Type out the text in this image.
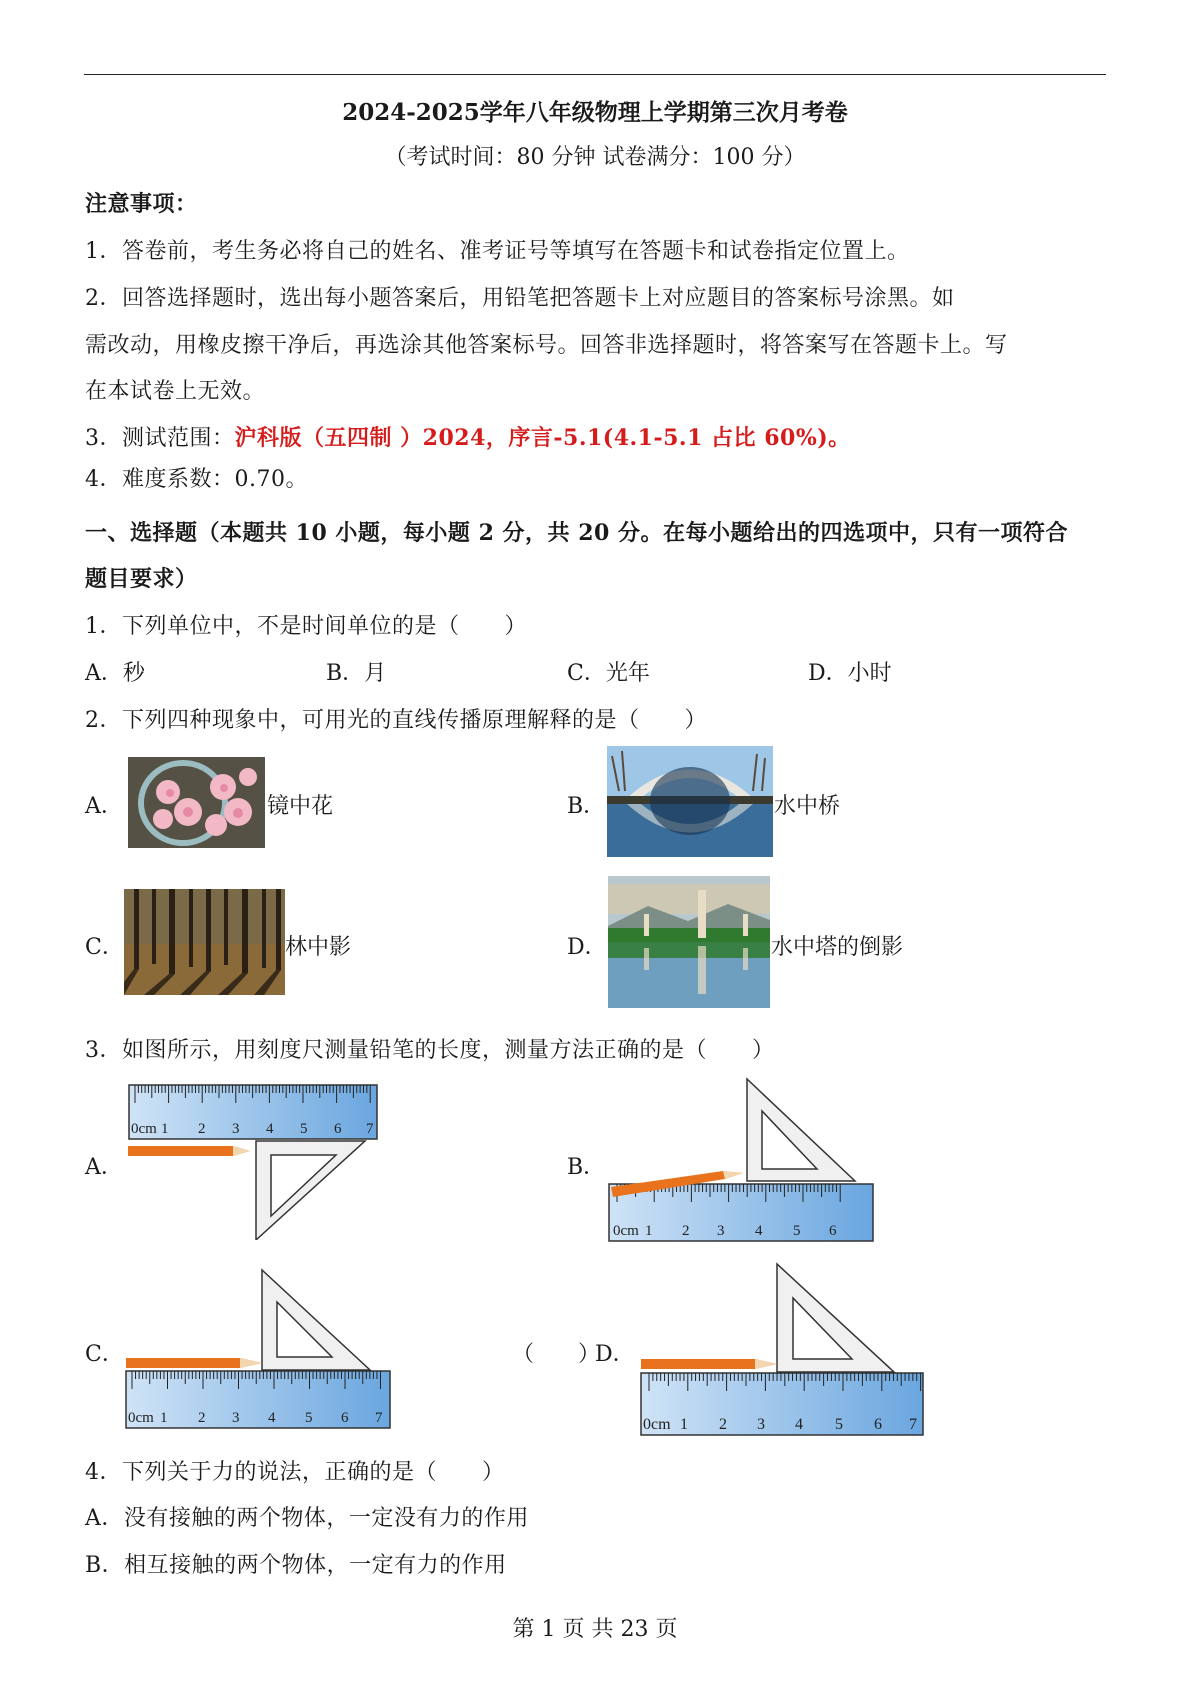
2024-2025学年八年级物理上学期第三次月考卷
（考试时间：80 分钟 试卷满分：100 分）
注意事项：
1．答卷前，考生务必将自己的姓名、准考证号等填写在答题卡和试卷指定位置上。
2．回答选择题时，选出每小题答案后，用铅笔把答题卡上对应题目的答案标号涂黑。如
需改动，用橡皮擦干净后，再选涂其他答案标号。回答非选择题时，将答案写在答题卡上。写
在本试卷上无效。
3．测试范围：沪科版（五四制 ）2024，序言-5.1(4.1-5.1 占比 60%)。
4．难度系数：0.70。
一、选择题（本题共 10 小题，每小题 2 分，共 20 分。在每小题给出的四选项中，只有一项符合
题目要求）
1．下列单位中，不是时间单位的是（　　）
A．秒	B．月	C．光年	D．小时
2．下列四种现象中，可用光的直线传播原理解释的是（　　）
A．	镜中花	B．	水中桥
C．	林中影	D．	水中塔的倒影
3．如图所示，用刻度尺测量铅笔的长度，测量方法正确的是（　　）
A．
0cm 1 2 3 4 5 6 7
B．
0cm 1 2 3 4 5 6
C．
0cm 1 2 3 4 5 6 7
（　　）
D．
0cm 1 2 3 4 5 6 7
4．下列关于力的说法，正确的是（　　）
A．没有接触的两个物体，一定没有力的作用
B．相互接触的两个物体，一定有力的作用
第 1 页 共 23 页
